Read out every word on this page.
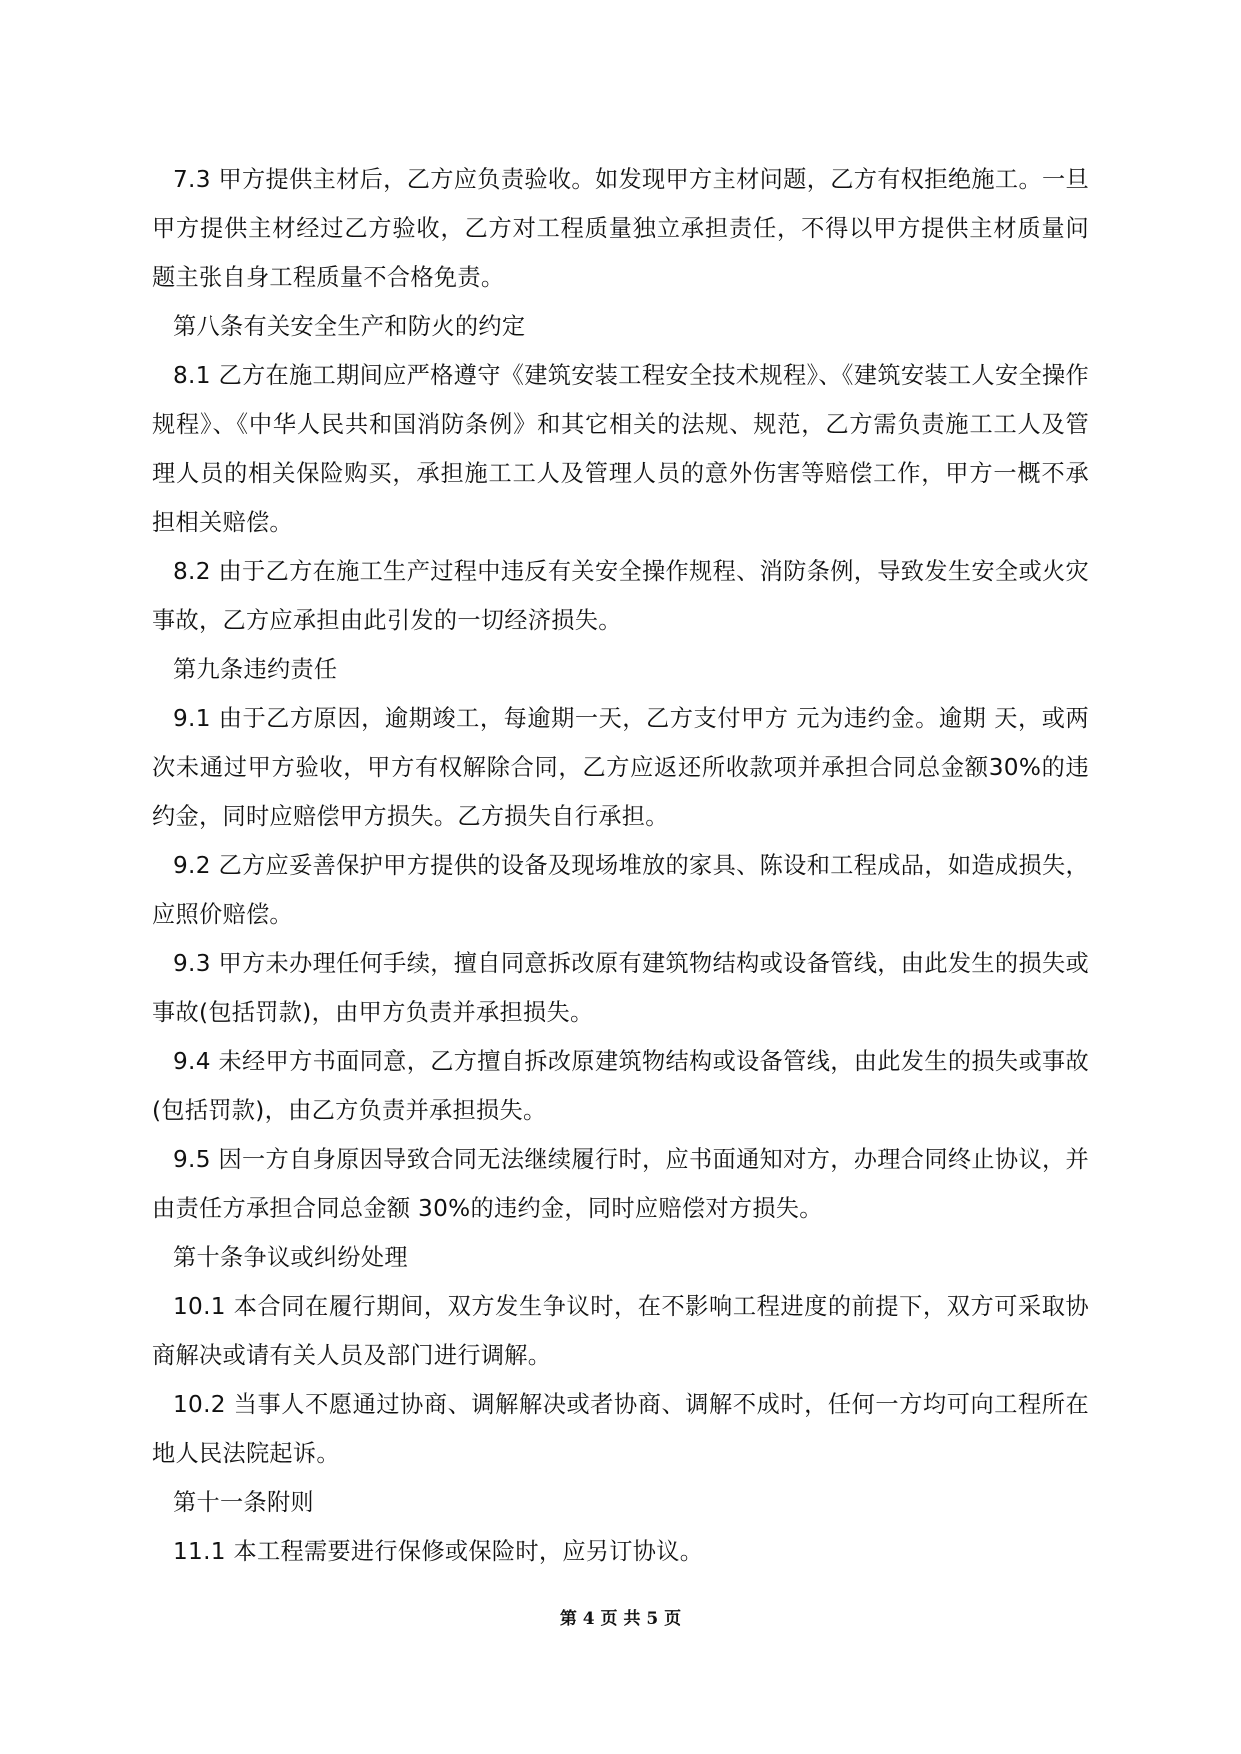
7.3 甲方提供主材后，乙方应负责验收。如发现甲方主材问题，乙方有权拒绝施工。一旦甲方提供主材经过乙方验收，乙方对工程质量独立承担责任，不得以甲方提供主材质量问题主张自身工程质量不合格免责。

第八条有关安全生产和防火的约定

8.1 乙方在施工期间应严格遵守《建筑安装工程安全技术规程》、《建筑安装工人安全操作规程》、《中华人民共和国消防条例》和其它相关的法规、规范，乙方需负责施工工人及管理人员的相关保险购买，承担施工工人及管理人员的意外伤害等赔偿工作，甲方一概不承担相关赔偿。

8.2 由于乙方在施工生产过程中违反有关安全操作规程、消防条例，导致发生安全或火灾事故，乙方应承担由此引发的一切经济损失。

第九条违约责任

9.1 由于乙方原因，逾期竣工，每逾期一天，乙方支付甲方 元为违约金。逾期 天，或两次未通过甲方验收，甲方有权解除合同，乙方应返还所收款项并承担合同总金额30%的违约金，同时应赔偿甲方损失。乙方损失自行承担。

9.2 乙方应妥善保护甲方提供的设备及现场堆放的家具、陈设和工程成品，如造成损失，应照价赔偿。

9.3 甲方未办理任何手续，擅自同意拆改原有建筑物结构或设备管线，由此发生的损失或事故(包括罚款)，由甲方负责并承担损失。

9.4 未经甲方书面同意，乙方擅自拆改原建筑物结构或设备管线，由此发生的损失或事故(包括罚款)，由乙方负责并承担损失。

9.5 因一方自身原因导致合同无法继续履行时，应书面通知对方，办理合同终止协议，并由责任方承担合同总金额 30%的违约金，同时应赔偿对方损失。

第十条争议或纠纷处理

10.1 本合同在履行期间，双方发生争议时，在不影响工程进度的前提下，双方可采取协商解决或请有关人员及部门进行调解。

10.2 当事人不愿通过协商、调解解决或者协商、调解不成时，任何一方均可向工程所在地人民法院起诉。

第十一条附则

11.1 本工程需要进行保修或保险时，应另订协议。

第 4 页 共 5 页
